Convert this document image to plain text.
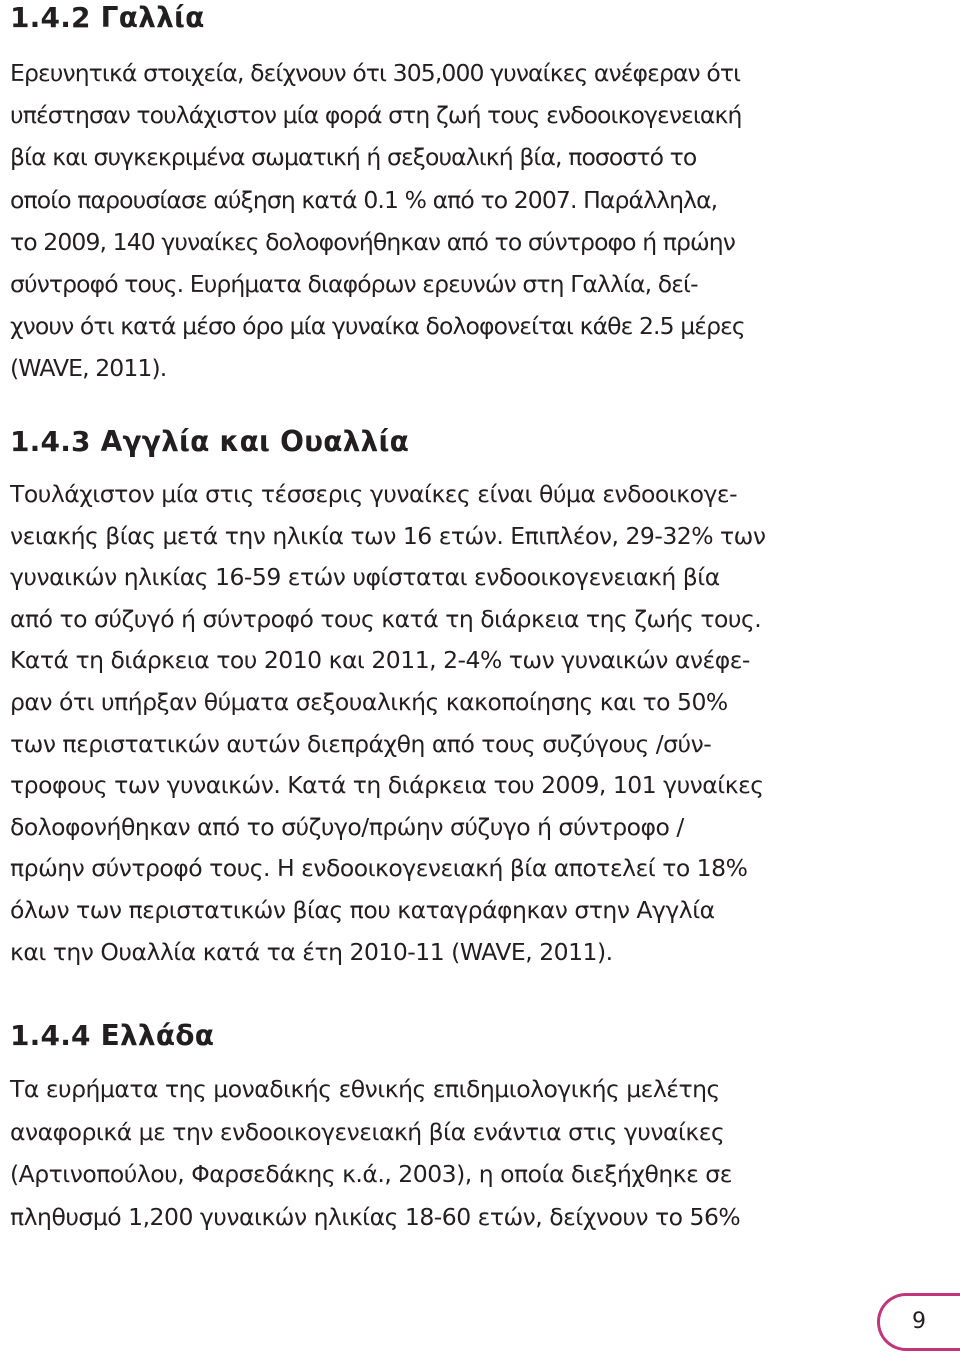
1.4.2 Γαλλία

Ερευνητικά στοιχεία, δείχνουν ότι 305,000 γυναίκες ανέφεραν ότι
υπέστησαν τουλάχιστον μία φορά στη ζωή τους ενδοοικογενειακή
βία και συγκεκριμένα σωματική ή σεξουαλική βία, ποσοστό το
οποίο παρουσίασε αύξηση κατά 0.1 % από το 2007. Παράλληλα,
το 2009, 140 γυναίκες δολοφονήθηκαν από το σύντροφο ή πρώην
σύντροφό τους. Ευρήματα διαφόρων ερευνών στη Γαλλία, δεί-
χνουν ότι κατά μέσο όρο μία γυναίκα δολοφονείται κάθε 2.5 μέρες
(WAVE, 2011).

1.4.3 Αγγλία και Ουαλλία

Τουλάχιστον μία στις τέσσερις γυναίκες είναι θύμα ενδοοικογε-
νειακής βίας μετά την ηλικία των 16 ετών. Επιπλέον, 29-32% των
γυναικών ηλικίας 16-59 ετών υφίσταται ενδοοικογενειακή βία
από το σύζυγό ή σύντροφό τους κατά τη διάρκεια της ζωής τους.
Κατά τη διάρκεια του 2010 και 2011, 2-4% των γυναικών ανέφε-
ραν ότι υπήρξαν θύματα σεξουαλικής κακοποίησης και το 50%
των περιστατικών αυτών διεπράχθη από τους συζύγους /σύν-
τροφους των γυναικών. Κατά τη διάρκεια του 2009, 101 γυναίκες
δολοφονήθηκαν από το σύζυγο/πρώην σύζυγο ή σύντροφο /
πρώην σύντροφό τους. Η ενδοοικογενειακή βία αποτελεί το 18%
όλων των περιστατικών βίας που καταγράφηκαν στην Αγγλία
και την Ουαλλία κατά τα έτη 2010-11 (WAVE, 2011).

1.4.4 Ελλάδα

Τα ευρήματα της μοναδικής εθνικής επιδημιολογικής μελέτης
αναφορικά με την ενδοοικογενειακή βία ενάντια στις γυναίκες
(Αρτινοπούλου, Φαρσεδάκης κ.ά., 2003), η οποία διεξήχθηκε σε
πληθυσμό 1,200 γυναικών ηλικίας 18-60 ετών, δείχνουν το 56%

9
